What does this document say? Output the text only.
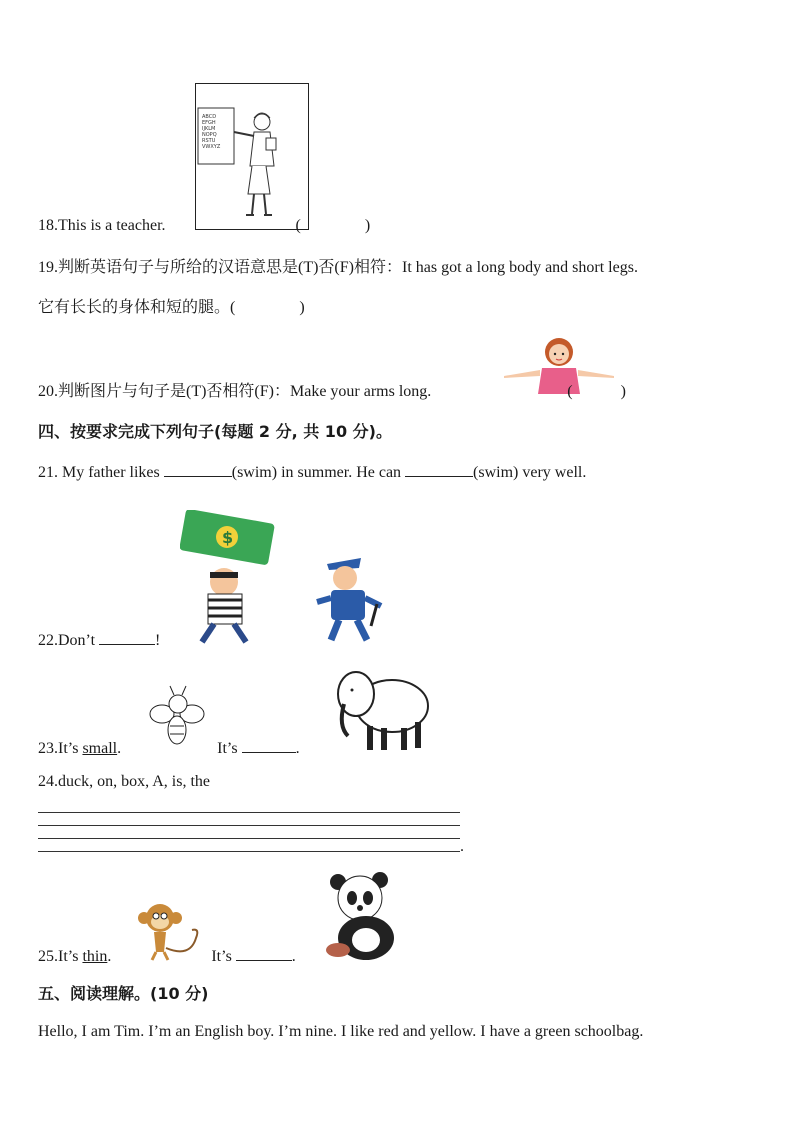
ABCD
EFGH
IJKLM
NOPQ
RSTU
VWXYZ
18.This is a teacher.	(　　　　)
19.判断英语句子与所给的汉语意思是(T)否(F)相符：It has got a long body and short legs.
它有长长的身体和短的腿。(　　　　)
20.判断图片与句子是(T)否相符(F)：Make your arms long.	(　　　)
四、按要求完成下列句子(每题 2 分, 共 10 分)。
21. My father likes	(swim) in summer. He can	(swim) very well.
$
22.Don’t	!
23.It’s small.	It’s	.
24.duck, on, box, A, is, the
.
25.It’s thin.	It’s	.
五、阅读理解。(10 分)
Hello, I am Tim. I’m an English boy. I’m nine. I like red and yellow. I have a green schoolbag.
